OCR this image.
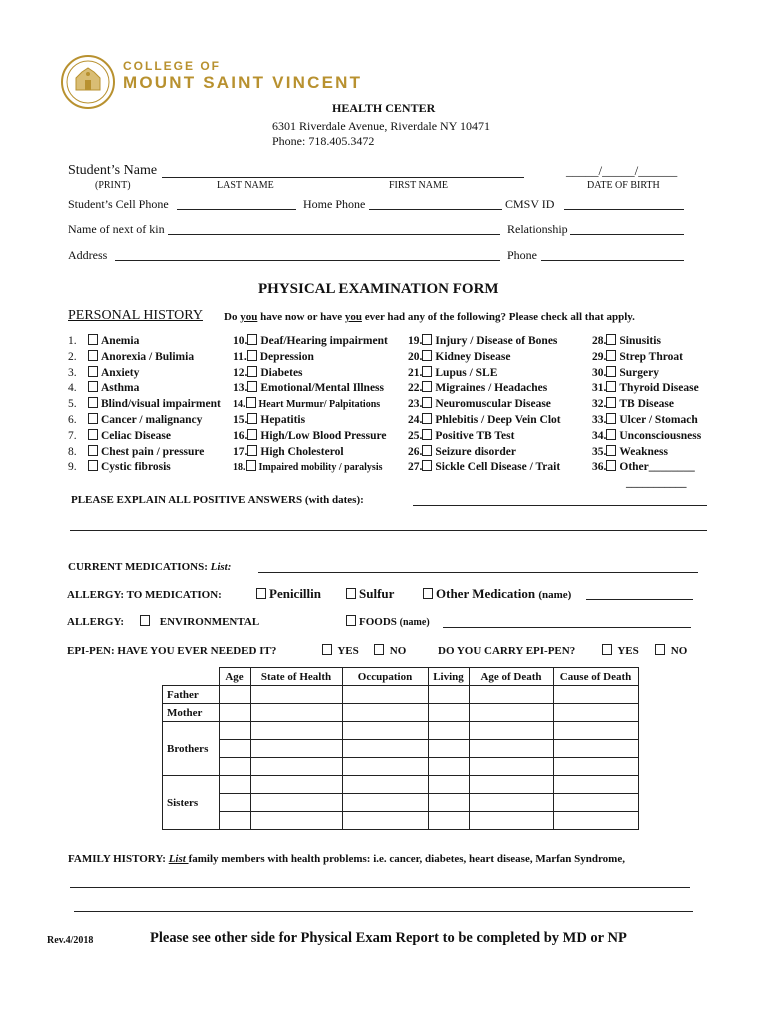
COLLEGE OF
MOUNT SAINT VINCENT
HEALTH CENTER
6301 Riverdale Avenue, Riverdale NY 10471
Phone: 718.405.3472
Student’s Name	_____/_____/______
(PRINT)	LAST NAME	FIRST NAME	DATE OF BIRTH
Student’s Cell Phone	Home Phone	CMSV ID
Name of next of kin	Relationship
Address	Phone
PHYSICAL EXAMINATION FORM
PERSONAL HISTORY Do you have now or have you ever had any of the following? Please check all that apply.
1. Anemia
2. Anorexia / Bulimia
3. Anxiety
4. Asthma
5. Blind/visual impairment
6. Cancer / malignancy
7. Celiac Disease
8. Chest pain / pressure
9. Cystic fibrosis
10. Deaf/Hearing impairment
11. Depression
12. Diabetes
13. Emotional/Mental Illness
14. Heart Murmur/ Palpitations
15. Hepatitis
16. High/Low Blood Pressure
17. High Cholesterol
18. Impaired mobility / paralysis
19. Injury / Disease of Bones
20. Kidney Disease
21. Lupus / SLE
22. Migraines / Headaches
23. Neuromuscular Disease
24. Phlebitis / Deep Vein Clot
25. Positive TB Test
26. Seizure disorder
27. Sickle Cell Disease / Trait
28. Sinusitis
29. Strep Throat
30. Surgery
31. Thyroid Disease
32. TB Disease
33. Ulcer / Stomach
34. Unconsciousness
35. Weakness
36. Other________
___________
PLEASE EXPLAIN ALL POSITIVE ANSWERS (with dates):
CURRENT MEDICATIONS: List:
ALLERGY: TO MEDICATION:	Penicillin	Sulfur	Other Medication (name)
ALLERGY:	ENVIRONMENTAL	FOODS (name)
EPI-PEN: HAVE YOU EVER NEEDED IT?	YES	NO	DO YOU CARRY EPI-PEN?	YES	NO
	Age	State of Health	Occupation	Living	Age of Death	Cause of Death
Father						
Mother						
Brothers						

Sisters						

FAMILY HISTORY: List family members with health problems: i.e. cancer, diabetes, heart disease, Marfan Syndrome,
Rev.4/2018	Please see other side for Physical Exam Report to be completed by MD or NP
